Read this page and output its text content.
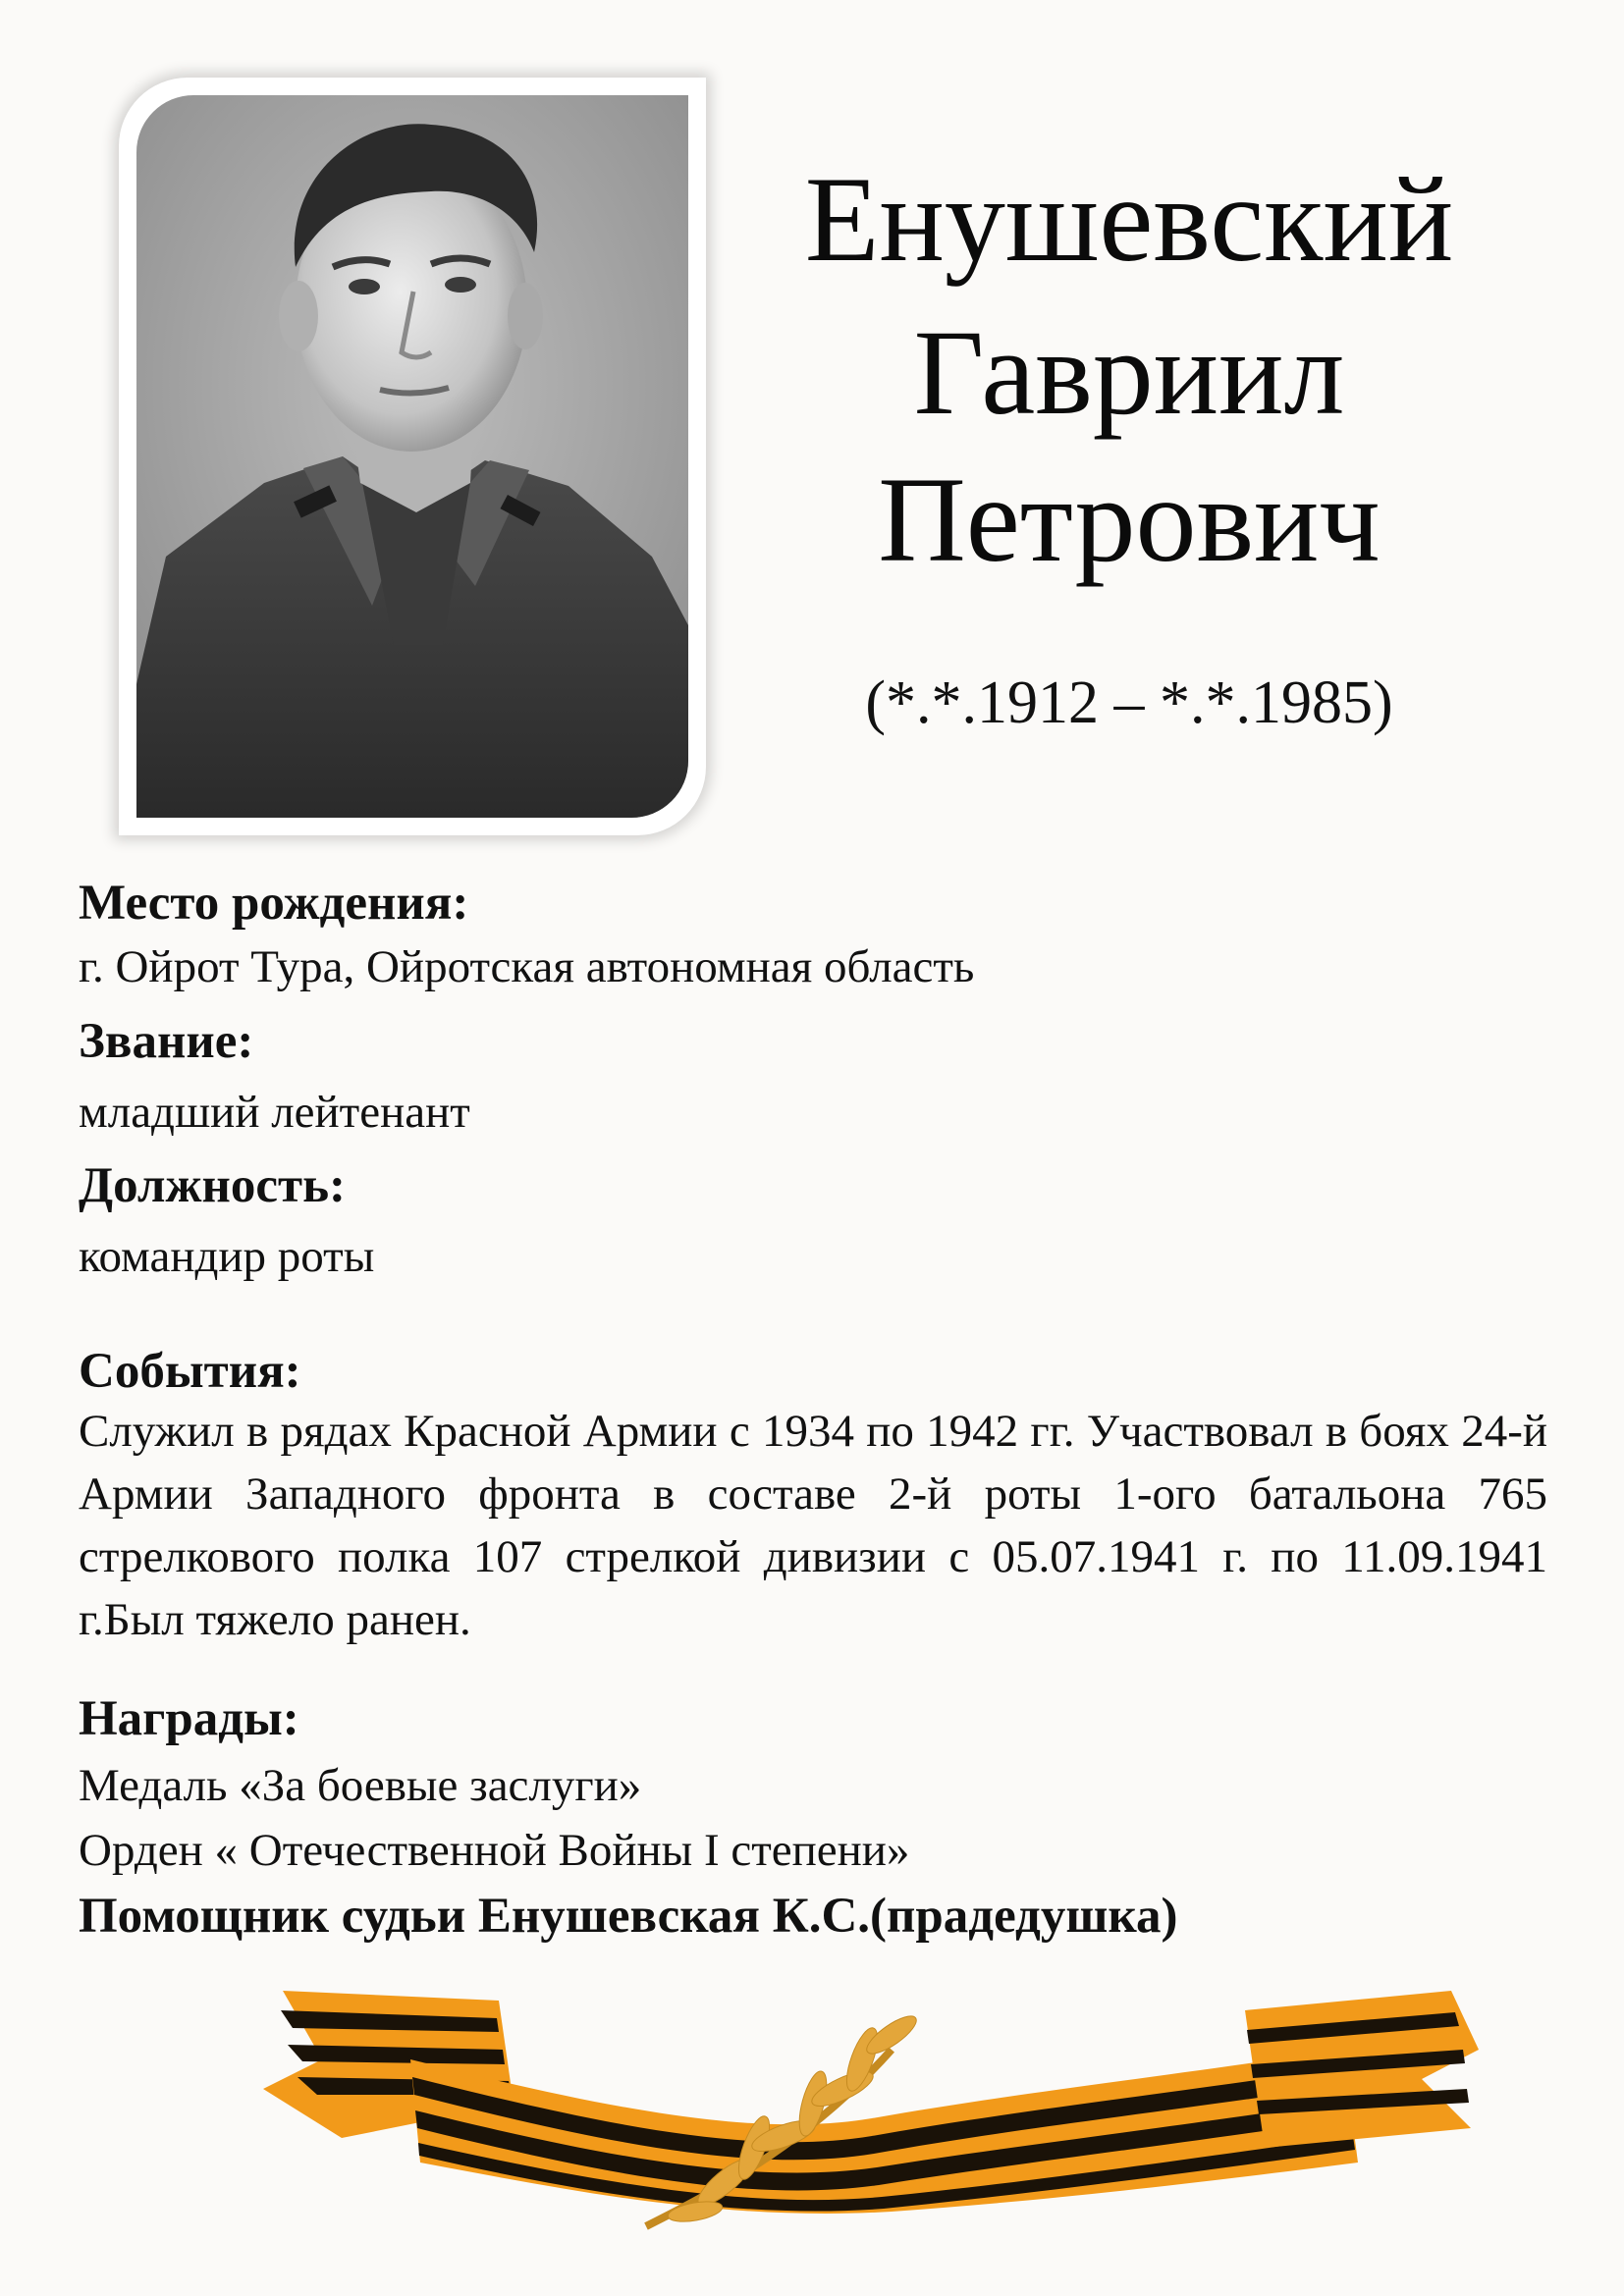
Енушевский
Гавриил
Петрович
(*.*.1912 – *.*.1985)
Место рождения:
г. Ойрот Тура, Ойротская автономная область
Звание:
младший лейтенант
Должность:
командир роты
События:
Служил в рядах Красной Армии с 1934 по 1942 гг. Участвовал в боях 24-й Армии Западного фронта в составе 2-й роты 1-ого батальона 765 стрелкового полка 107 стрелкой дивизии с 05.07.1941 г. по 11.09.1941 г.Был тяжело ранен.
Награды:
Медаль «За боевые заслуги»
Орден « Отечественной Войны I степени»
Помощник судьи Енушевская К.С.(прадедушка)
